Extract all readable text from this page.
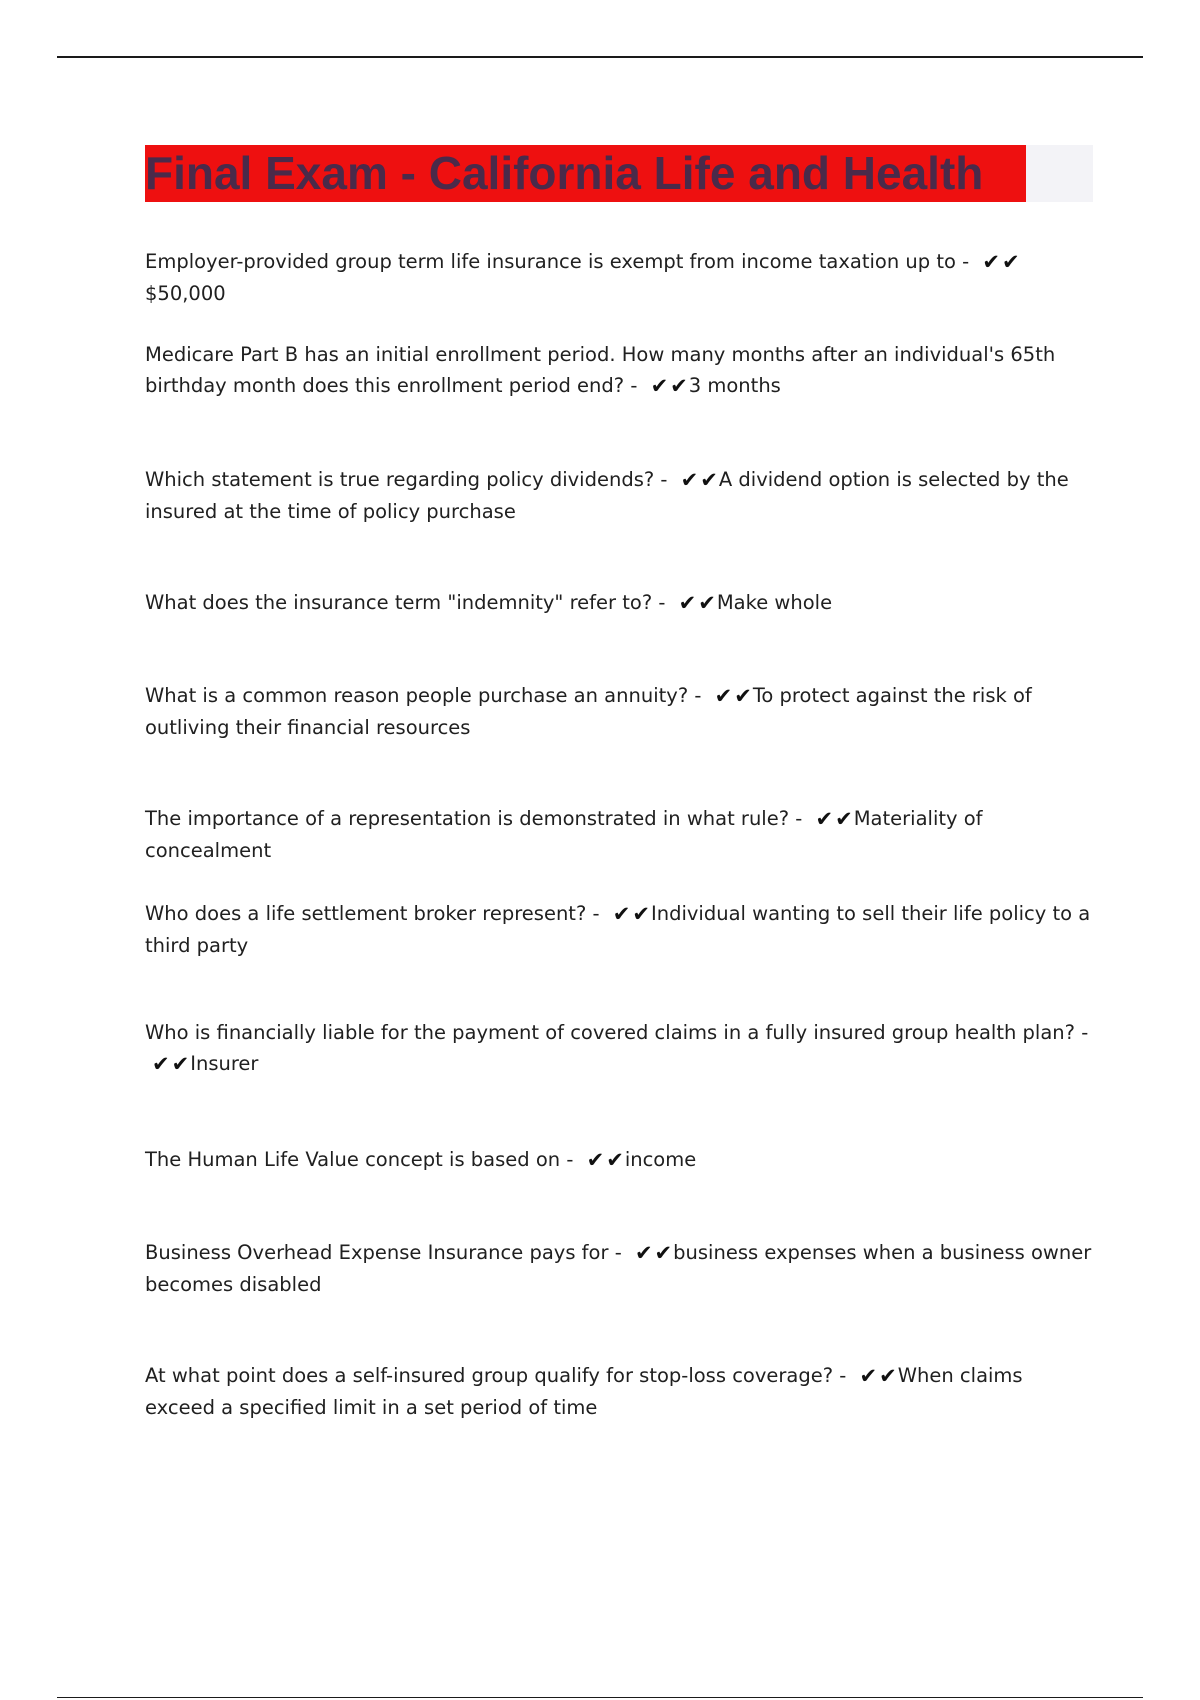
Final Exam - California Life and Health
Employer-provided group term life insurance is exempt from income taxation up to - ✔✔$50,000
Medicare Part B has an initial enrollment period. How many months after an individual's 65th birthday month does this enrollment period end? - ✔✔3 months
Which statement is true regarding policy dividends? - ✔✔A dividend option is selected by the insured at the time of policy purchase
What does the insurance term "indemnity" refer to? - ✔✔Make whole
What is a common reason people purchase an annuity? - ✔✔To protect against the risk of outliving their financial resources
The importance of a representation is demonstrated in what rule? - ✔✔Materiality of concealment
Who does a life settlement broker represent? - ✔✔Individual wanting to sell their life policy to a third party
Who is financially liable for the payment of covered claims in a fully insured group health plan? - ✔✔Insurer
The Human Life Value concept is based on - ✔✔income
Business Overhead Expense Insurance pays for - ✔✔business expenses when a business owner becomes disabled
At what point does a self-insured group qualify for stop-loss coverage? - ✔✔When claims exceed a specified limit in a set period of time
